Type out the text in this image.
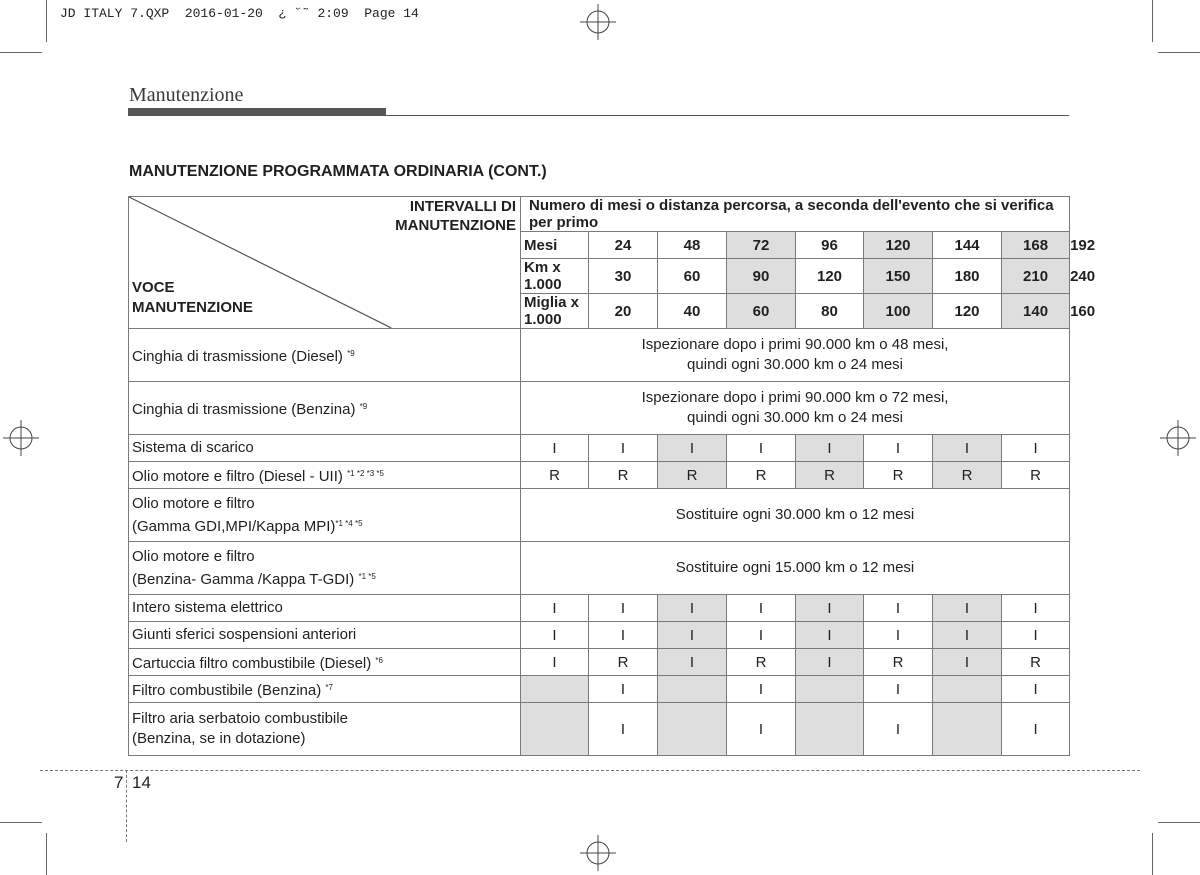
JD ITALY 7.QXP  2016-01-20  ¿ ˘˜ 2:09  Page 14
Manutenzione
MANUTENZIONE PROGRAMMATA ORDINARIA (CONT.)
INTERVALLI DI
MANUTENZIONE
VOCE
MANUTENZIONE	Numero di mesi o distanza percorsa, a seconda dell'evento che si verifica per primo								
	Mesi	24	48	72	96	120	144	168	192
	Km x 1.000	30	60	90	120	150	180	210	240
	Miglia x 1.000	20	40	60	80	100	120	140	160
Cinghia di trasmissione (Diesel) $^{*9}$	Ispezionare dopo i primi 90.000 km o 48 mesi,
quindi ogni 30.000 km o 24 mesi								

Cinghia di trasmissione (Benzina) $^{*9}$	Ispezionare dopo i primi 90.000 km o 72 mesi,
quindi ogni 30.000 km o 24 mesi								

Sistema di scarico	I	I	I	I	I	I	I	I	
Olio motore e filtro (Diesel - UII) $^{*1 *2 *3 *5}$	R	R	R	R	R	R	R	R	

Olio motore e filtro
(Gamma GDI,MPI/Kappa MPI)$^{*1 *4 *5}$	Sostituire ogni 30.000 km o 12 mesi								

Olio motore e filtro
(Benzina- Gamma /Kappa T-GDI) $^{*1 *5}$	Sostituire ogni 15.000 km o 12 mesi								
Intero sistema elettrico	I	I	I	I	I	I	I	I	
Giunti sferici sospensioni anteriori	I	I	I	I	I	I	I	I	
Cartuccia filtro combustibile (Diesel) $^{*6}$	I	R	I	R	I	R	I	R	
Filtro combustibile (Benzina) $^{*7}$		I		I		I		I	

Filtro aria serbatoio combustibile
(Benzina, se in dotazione)		I		I		I		I	
7 14
